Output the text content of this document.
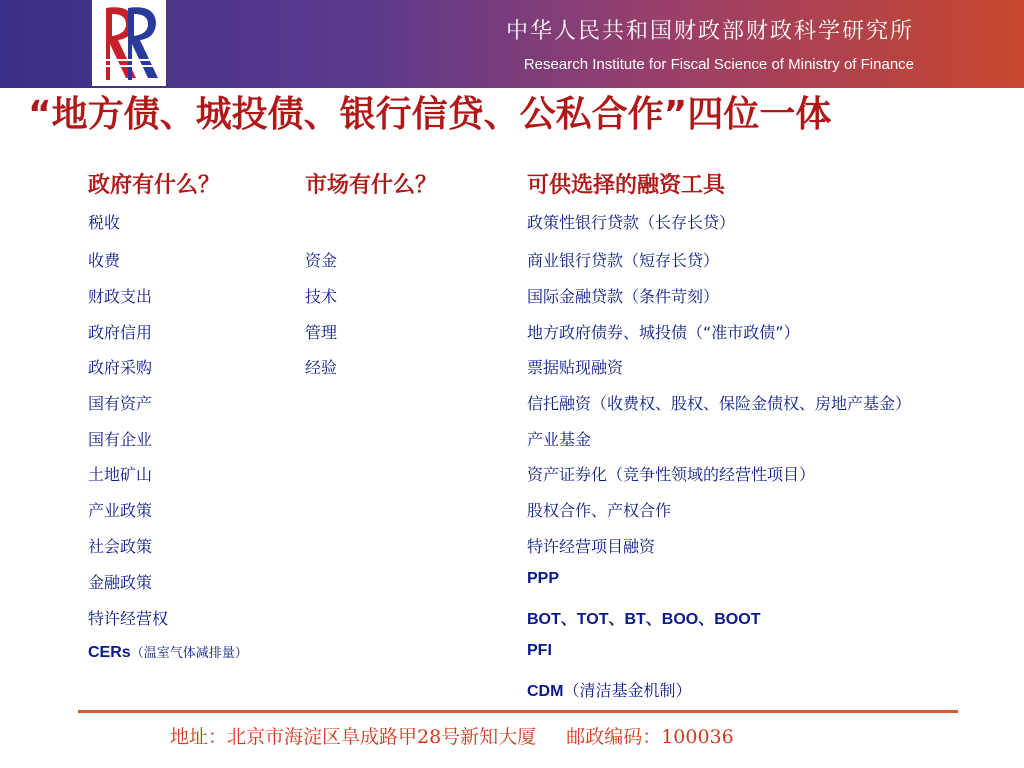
中华人民共和国财政部财政科学研究所
Research Institute for Fiscal Science of Ministry of Finance
“地方债、城投债、银行信贷、公私合作”四位一体
政府有什么？	市场有什么？	可供选择的融资工具
税收
收费
财政支出
政府信用
政府采购
国有资产
国有企业
土地矿山
产业政策
社会政策
金融政策
特许经营权
CERs（温室气体减排量）
资金
技术
管理
经验
政策性银行贷款（长存长贷）
商业银行贷款（短存长贷）
国际金融贷款（条件苛刻）
地方政府债券、城投债（“准市政债”）
票据贴现融资
信托融资（收费权、股权、保险金债权、房地产基金）
产业基金
资产证券化（竞争性领域的经营性项目）
股权合作、产权合作
特许经营项目融资
PPP
BOT、TOT、BT、BOO、BOOT
PFI
CDM（清洁基金机制）
地址：北京市海淀区阜成路甲28号新知大厦 邮政编码：100036
